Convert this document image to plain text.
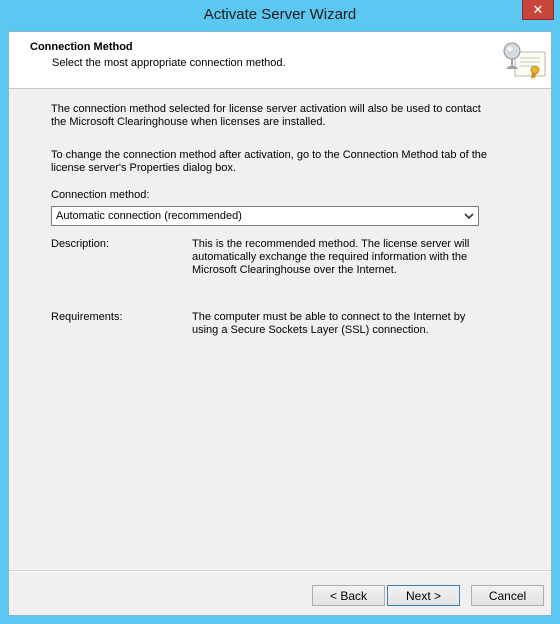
Activate Server Wizard	✕
Connection Method
Select the most appropriate connection method.
The connection method selected for license server activation will also be used to contact the Microsoft Clearinghouse when licenses are installed.
To change the connection method after activation, go to the Connection Method tab of the license server's Properties dialog box.
Connection method:
Automatic connection (recommended)
Description:	This is the recommended method. The license server will automatically exchange the required information with the Microsoft Clearinghouse over the Internet.
Requirements:	The computer must be able to connect to the Internet by using a Secure Sockets Layer (SSL) connection.
< Back	Next >	Cancel
